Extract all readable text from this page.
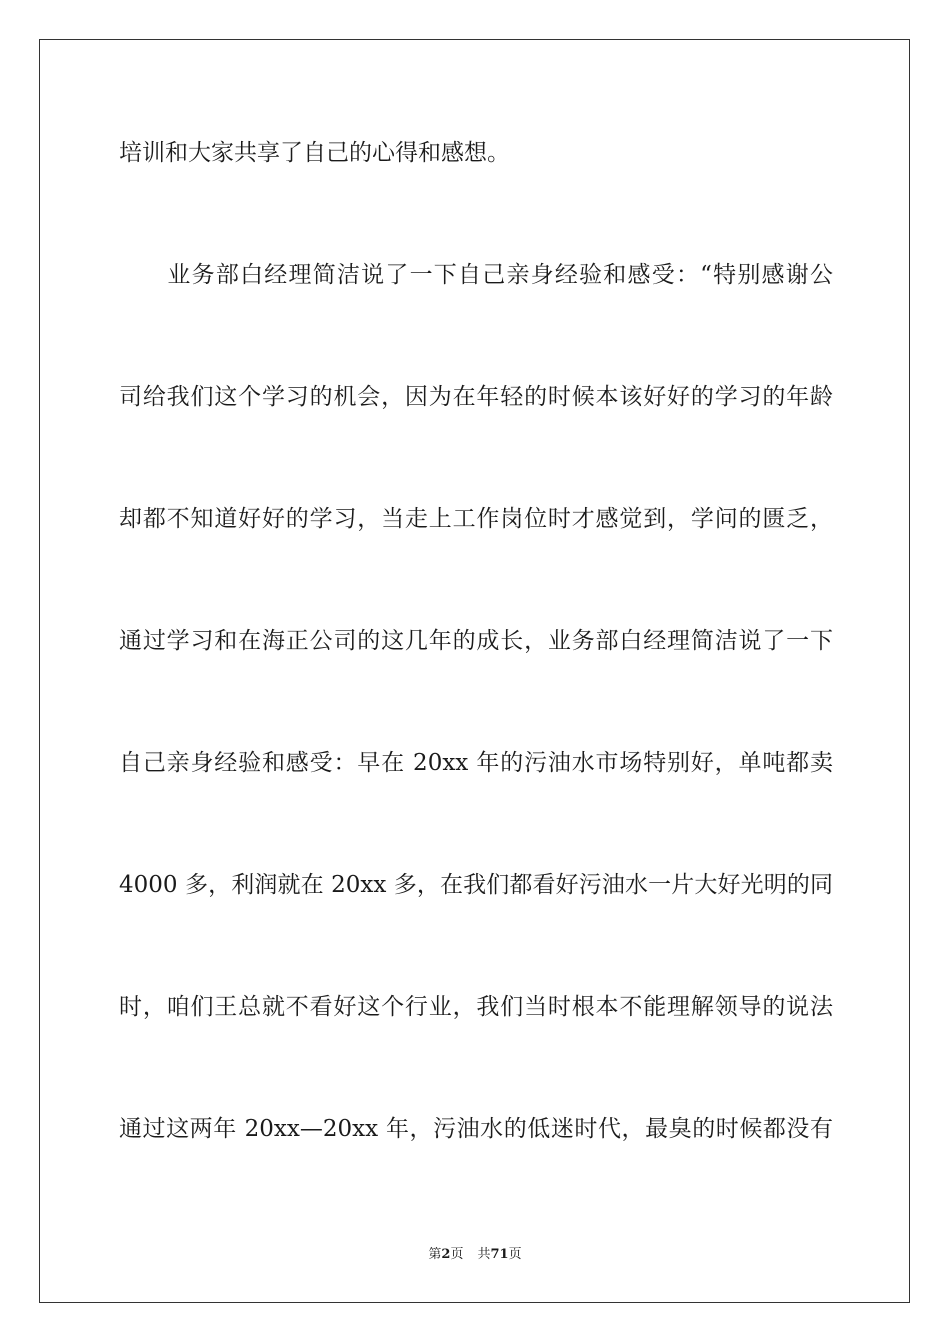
培训和大家共享了自己的心得和感想。
　　业务部白经理简洁说了一下自己亲身经验和感受：“特别感谢公
司给我们这个学习的机会，因为在年轻的时候本该好好的学习的年龄
却都不知道好好的学习，当走上工作岗位时才感觉到，学问的匮乏，
通过学习和在海正公司的这几年的成长，业务部白经理简洁说了一下
自己亲身经验和感受：早在 20xx 年的污油水市场特别好，单吨都卖
4000 多，利润就在 20xx 多，在我们都看好污油水一片大好光明的同
时，咱们王总就不看好这个行业，我们当时根本不能理解领导的说法
通过这两年 20xx—20xx 年，污油水的低迷时代，最臭的时候都没有
第2页 共71页
